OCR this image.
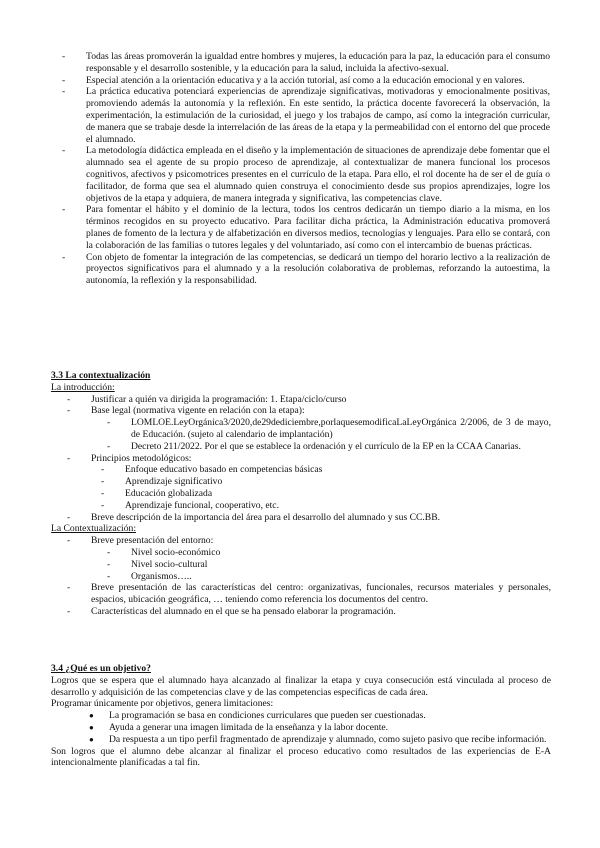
- Todas las áreas promoverán la igualdad entre hombres y mujeres, la educación para la paz, la educación para el consumo responsable y el desarrollo sostenible, y la educación para la salud, incluida la afectivo-sexual.
- Especial atención a la orientación educativa y a la acción tutorial, así como a la educación emocional y en valores.
- La práctica educativa potenciará experiencias de aprendizaje significativas, motivadoras y emocionalmente positivas, promoviendo además la autonomía y la reflexión. En este sentido, la práctica docente favorecerá la observación, la experimentación, la estimulación de la curiosidad, el juego y los trabajos de campo, así como la integración curricular, de manera que se trabaje desde la interrelación de las áreas de la etapa y la permeabilidad con el entorno del que procede el alumnado.
- La metodología didáctica empleada en el diseño y la implementación de situaciones de aprendizaje debe fomentar que el alumnado sea el agente de su propio proceso de aprendizaje, al contextualizar de manera funcional los procesos cognitivos, afectivos y psicomotrices presentes en el currículo de la etapa. Para ello, el rol docente ha de ser el de guía o facilitador, de forma que sea el alumnado quien construya el conocimiento desde sus propios aprendizajes, logre los objetivos de la etapa y adquiera, de manera integrada y significativa, las competencias clave.
- Para fomentar el hábito y el dominio de la lectura, todos los centros dedicarán un tiempo diario a la misma, en los términos recogidos en su proyecto educativo. Para facilitar dicha práctica, la Administración educativa promoverá planes de fomento de la lectura y de alfabetización en diversos medios, tecnologías y lenguajes. Para ello se contará, con la colaboración de las familias o tutores legales y del voluntariado, así como con el intercambio de buenas prácticas.
- Con objeto de fomentar la integración de las competencias, se dedicará un tiempo del horario lectivo a la realización de proyectos significativos para el alumnado y a la resolución colaborativa de problemas, reforzando la autoestima, la autonomía, la reflexión y la responsabilidad.
3.3 La contextualización
La introducción:
- Justificar a quién va dirigida la programación: 1. Etapa/ciclo/curso
- Base legal (normativa vigente en relación con la etapa):
- LOMLOE.LeyOrgánica3/2020,de29dediciembre,porlaquesemodificaLaLeyOrgánica 2/2006, de 3 de mayo, de Educación. (sujeto al calendario de implantación)
- Decreto 211/2022. Por el que se establece la ordenación y el currículo de la EP en la CCAA Canarias.
- Principios metodológicos:
- Enfoque educativo basado en competencias básicas
- Aprendizaje significativo
- Educación globalizada
- Aprendizaje funcional, cooperativo, etc.
- Breve descripción de la importancia del área para el desarrollo del alumnado y sus CC.BB.
La Contextualización:
- Breve presentación del entorno:
- Nivel socio-económico
- Nivel socio-cultural
- Organismos…..
- Breve presentación de las características del centro: organizativas, funcionales, recursos materiales y personales, espacios, ubicación geográfica, … teniendo como referencia los documentos del centro.
- Características del alumnado en el que se ha pensado elaborar la programación.
3.4 ¿Qué es un objetivo?

Logros que se espera que el alumnado haya alcanzado al finalizar la etapa y cuya consecución está vinculada al proceso de desarrollo y adquisición de las competencias clave y de las competencias específicas de cada área.

Programar únicamente por objetivos, genera limitaciones:

● La programación se basa en condiciones curriculares que pueden ser cuestionadas.
● Ayuda a generar una imagen limitada de la enseñanza y la labor docente.
● Da respuesta a un tipo perfil fragmentado de aprendizaje y alumnado, como sujeto pasivo que recibe información.

Son logros que el alumno debe alcanzar al finalizar el proceso educativo como resultados de las experiencias de E-A intencionalmente planificadas a tal fin.
